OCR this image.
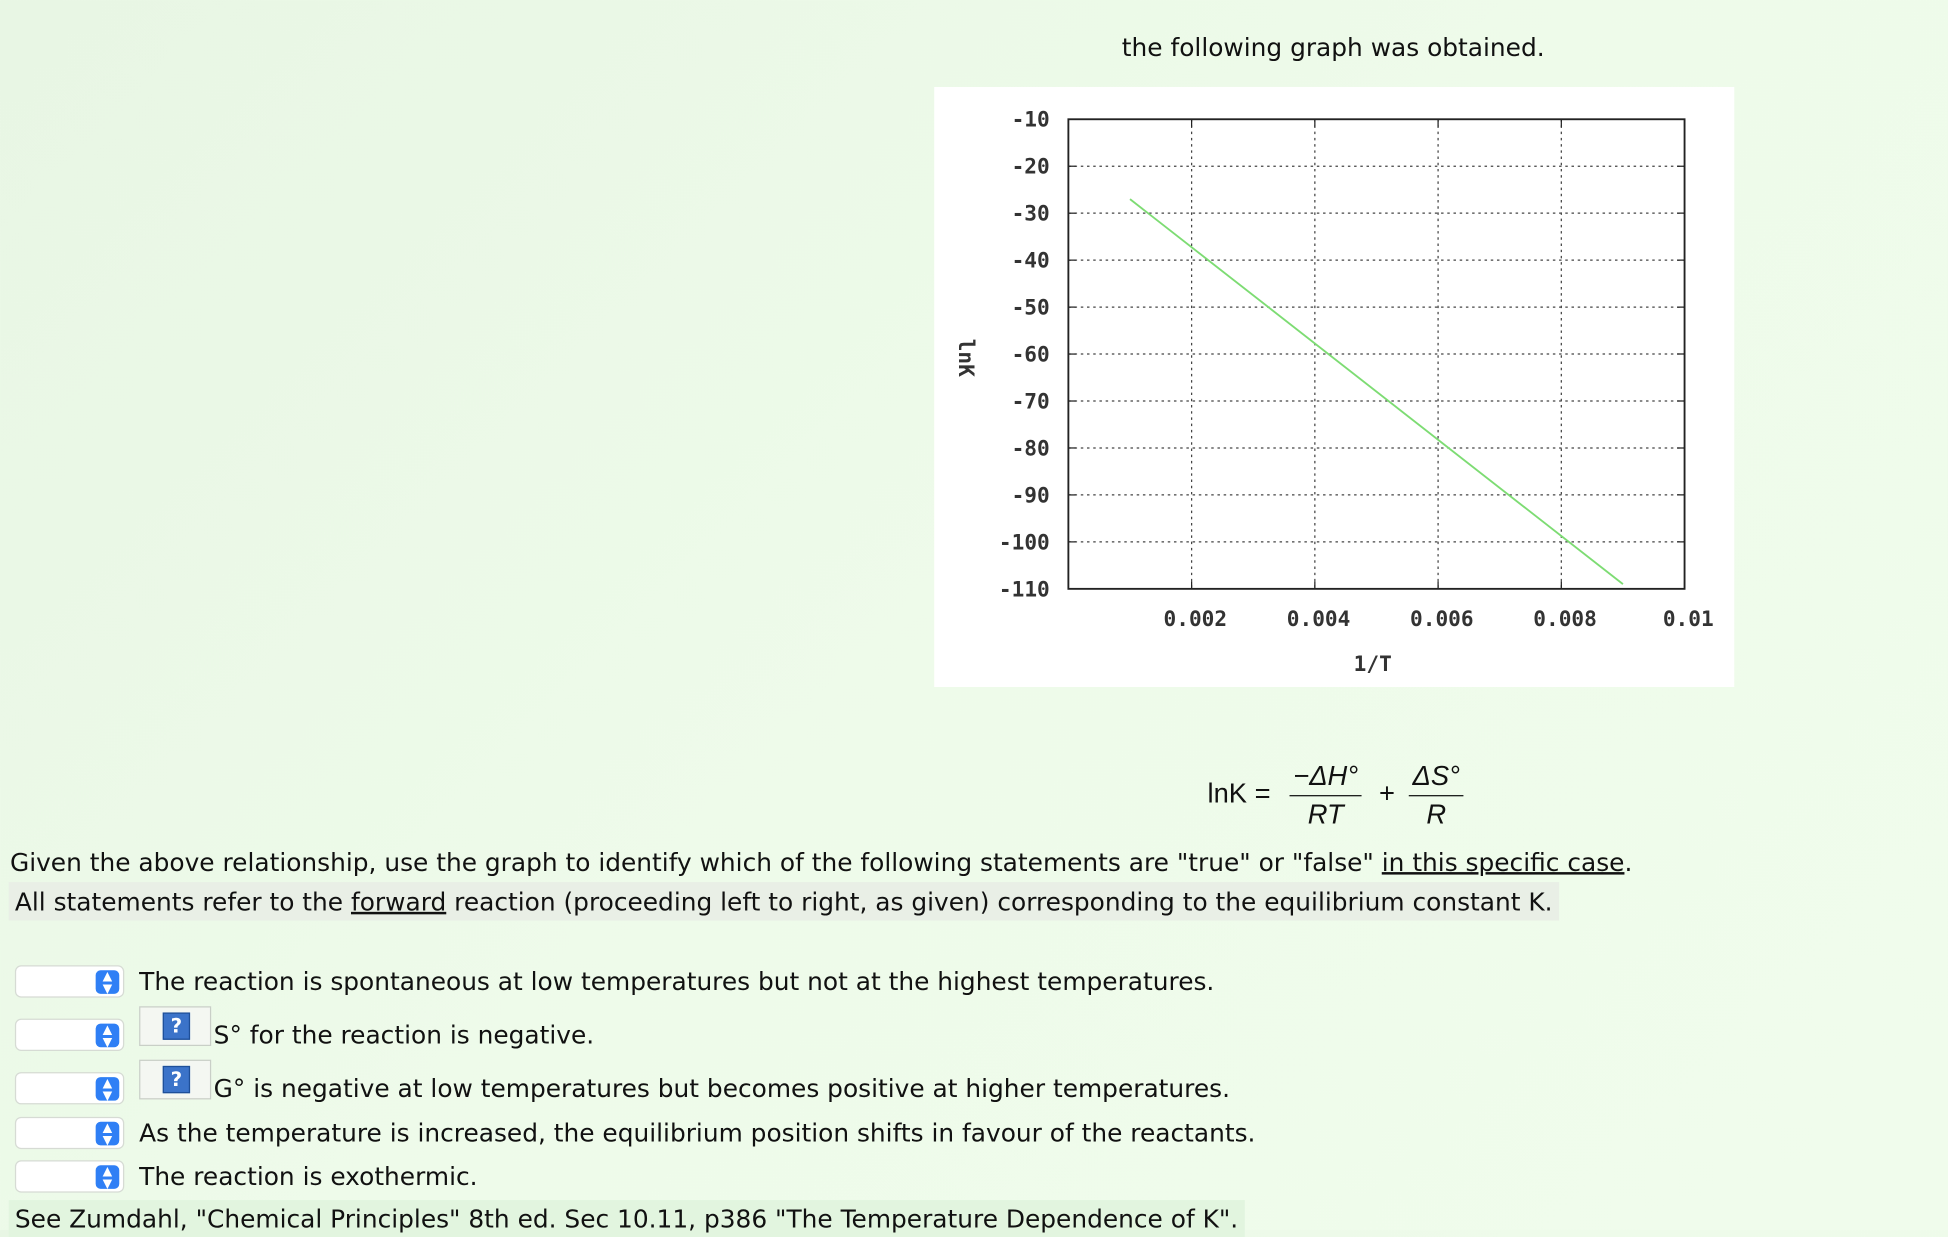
the following graph was obtained.
-10
-20
-30
-40
-50
-60
-70
-80
-90
-100
-110
0.002	0.004	0.006	0.008	0.01
1/T
lnK
$\ln K = \frac{-\Delta H^\circ}{RT} + \frac{\Delta S^\circ}{R}$
Given the above relationship, use the graph to identify which of the following statements are "true" or "false" in this specific case.
All statements refer to the forward reaction (proceeding left to right, as given) corresponding to the equilibrium constant K.
▲
▼	The reaction is spontaneous at low temperatures but not at the highest temperatures.
▲
▼
?	S° for the reaction is negative.
▲
▼
?	G° is negative at low temperatures but becomes positive at higher temperatures.
▲
▼	As the temperature is increased, the equilibrium position shifts in favour of the reactants.
▲
▼	The reaction is exothermic.
See Zumdahl, "Chemical Principles" 8th ed. Sec 10.11, p386 "The Temperature Dependence of K".
